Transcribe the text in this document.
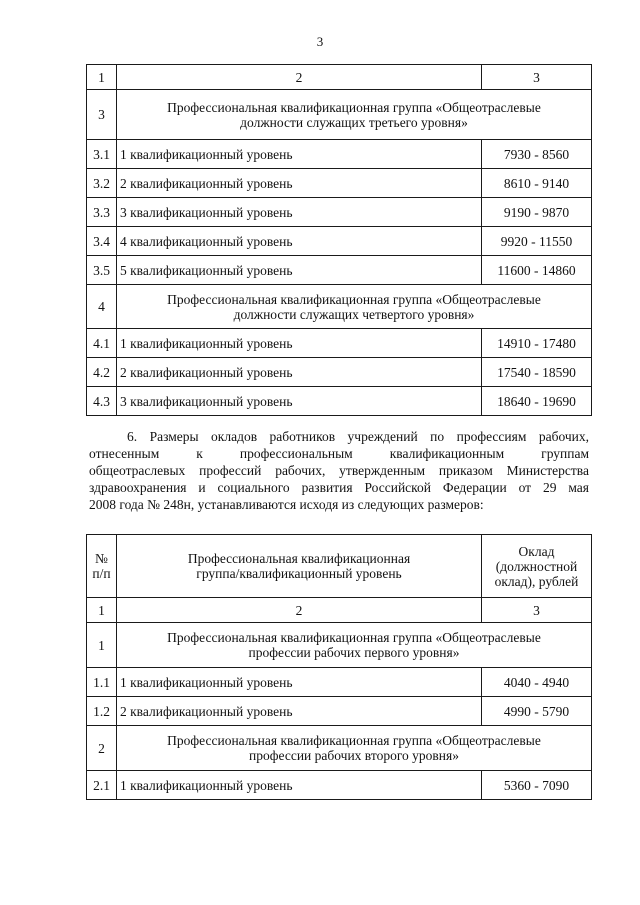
3
1	2	3
3	Профессиональная квалификационная группа «Общеотраслевые
должности служащих третьего уровня»	
3.1	1 квалификационный уровень	7930 - 8560
3.2	2 квалификационный уровень	8610 - 9140
3.3	3 квалификационный уровень	9190 - 9870
3.4	4 квалификационный уровень	9920 - 11550
3.5	5 квалификационный уровень	11600 - 14860
4	Профессиональная квалификационная группа «Общеотраслевые
должности служащих четвертого уровня»	
4.1	1 квалификационный уровень	14910 - 17480
4.2	2 квалификационный уровень	17540 - 18590
4.3	3 квалификационный уровень	18640 - 19690
6. Размеры окладов работников учреждений по профессиям рабочих,
отнесенным к профессиональным квалификационным группам
общеотраслевых профессий рабочих, утвержденным приказом Министерства
здравоохранения и социального развития Российской Федерации от 29 мая
2008 года № 248н, устанавливаются исходя из следующих размеров:
№
п/п	Профессиональная квалификационная
группа/квалификационный уровень	Оклад
(должностной
оклад), рублей
1	2	3
1	Профессиональная квалификационная группа «Общеотраслевые
профессии рабочих первого уровня»	
1.1	1 квалификационный уровень	4040 - 4940
1.2	2 квалификационный уровень	4990 - 5790
2	Профессиональная квалификационная группа «Общеотраслевые
профессии рабочих второго уровня»	
2.1	1 квалификационный уровень	5360 - 7090
